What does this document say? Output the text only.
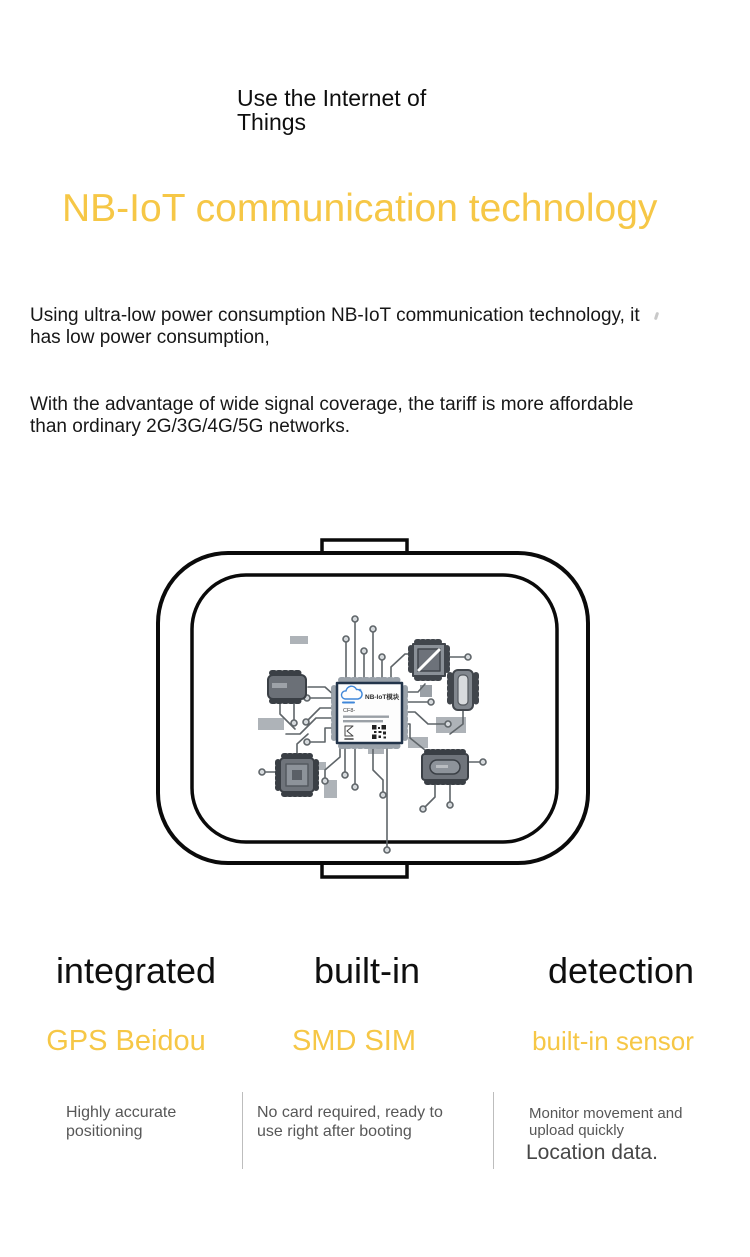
Use the Internet of
Things
NB-IoT communication technology

Using ultra-low power consumption NB-IoT communication technology, it has low power consumption,

With the advantage of wide signal coverage, the tariff is more affordable than ordinary 2G/3G/4G/5G networks.

NB-IoT模块
CF8-
integrated	built-in	detection
GPS Beidou	SMD SIM	built-in sensor
Highly accurate positioning
No card required, ready to use right after booting
Monitor movement and upload quickly
Location data.
